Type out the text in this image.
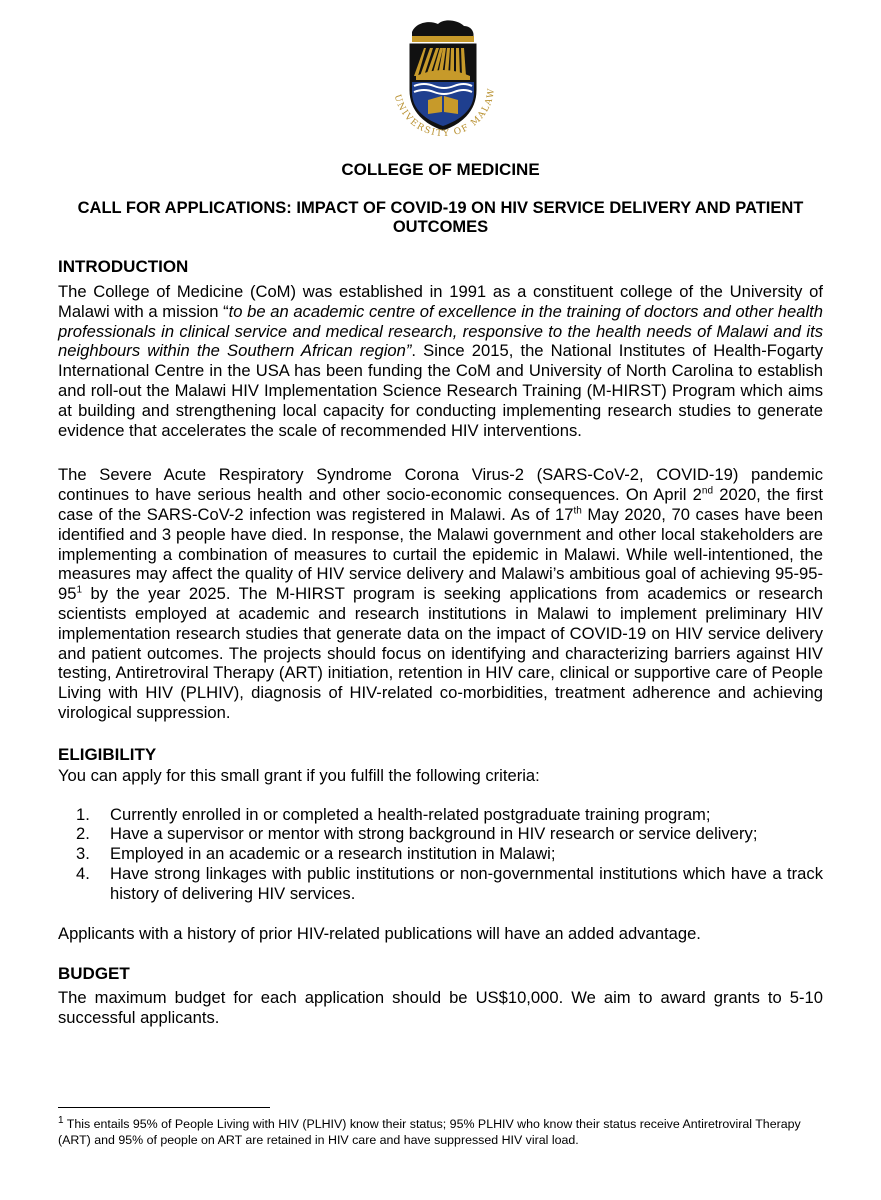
UNIVERSITY OF MALAW
COLLEGE OF MEDICINE
CALL FOR APPLICATIONS: IMPACT OF COVID-19 ON HIV SERVICE DELIVERY AND PATIENT OUTCOMES
INTRODUCTION

The College of Medicine (CoM) was established in 1991 as a constituent college of the University of Malawi with a mission “to be an academic centre of excellence in the training of doctors and other health professionals in clinical service and medical research, responsive to the health needs of Malawi and its neighbours within the Southern African region”. Since 2015, the National Institutes of Health-Fogarty International Centre in the USA has been funding the CoM and University of North Carolina to establish and roll-out the Malawi HIV Implementation Science Research Training (M-HIRST) Program which aims at building and strengthening local capacity for conducting implementing research studies to generate evidence that accelerates the scale of recommended HIV interventions.

The Severe Acute Respiratory Syndrome Corona Virus-2 (SARS-CoV-2, COVID-19) pandemic continues to have serious health and other socio-economic consequences. On April 2nd 2020, the first case of the SARS-CoV-2 infection was registered in Malawi. As of 17th May 2020, 70 cases have been identified and 3 people have died. In response, the Malawi government and other local stakeholders are implementing a combination of measures to curtail the epidemic in Malawi. While well-intentioned, the measures may affect the quality of HIV service delivery and Malawi’s ambitious goal of achieving $95-95-95^1$ by the year 2025. The M-HIRST program is seeking applications from academics or research scientists employed at academic and research institutions in Malawi to implement preliminary HIV implementation research studies that generate data on the impact of COVID-19 on HIV service delivery and patient outcomes. The projects should focus on identifying and characterizing barriers against HIV testing, Antiretroviral Therapy (ART) initiation, retention in HIV care, clinical or supportive care of People Living with HIV (PLHIV), diagnosis of HIV-related co-morbidities, treatment adherence and achieving virological suppression.

ELIGIBILITY

You can apply for this small grant if you fulfill the following criteria:

1.	Currently enrolled in or completed a health-related postgraduate training program;
2.	Have a supervisor or mentor with strong background in HIV research or service delivery;
3.	Employed in an academic or a research institution in Malawi;
4.	Have strong linkages with public institutions or non-governmental institutions which have a track history of delivering HIV services.

Applicants with a history of prior HIV-related publications will have an added advantage.

BUDGET

The maximum budget for each application should be US$10,000. We aim to award grants to 5-10 successful applicants.

$^1$ This entails 95% of People Living with HIV (PLHIV) know their status; 95% PLHIV who know their status receive Antiretroviral Therapy (ART) and 95% of people on ART are retained in HIV care and have suppressed HIV viral load.
